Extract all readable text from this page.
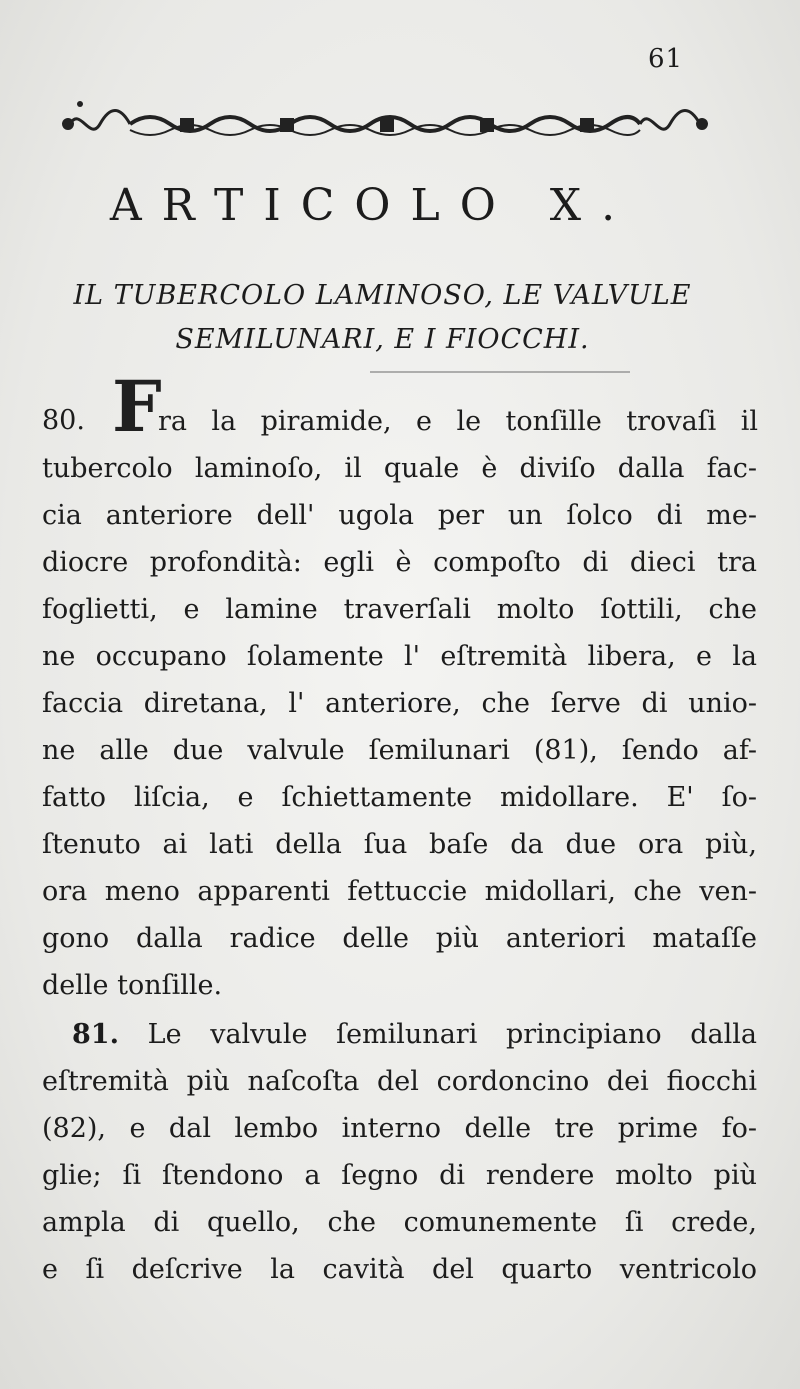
61
ARTICOLO X.
IL TUBERCOLO LAMINOSO, LE VALVULE
SEMILUNARI, E I FIOCCHI.
80. F
ra la piramide, e le tonſille trovaſi il
tubercolo laminoſo, il quale è diviſo dalla fac-
cia anteriore dell' ugola per un ſolco di me-
diocre profondità: egli è compoſto di dieci tra
foglietti, e lamine traverſali molto ſottili, che
ne occupano ſolamente l' eſtremità libera, e la
faccia diretana, l' anteriore, che ſerve di unio-
ne alle due valvule ſemilunari (81), ſendo af-
fatto liſcia, e ſchiettamente midollare. E' ſo-
ſtenuto ai lati della ſua baſe da due ora più,
ora meno apparenti fettuccie midollari, che ven-
gono dalla radice delle più anteriori mataſſe
delle tonſille.
81. Le valvule ſemilunari principiano dalla
eſtremità più naſcoſta del cordoncino dei fiocchi
(82), e dal lembo interno delle tre prime fo-
glie; ſi ſtendono a ſegno di rendere molto più
ampla di quello, che comunemente ſi crede,
e ſi deſcrive la cavità del quarto ventricolo
